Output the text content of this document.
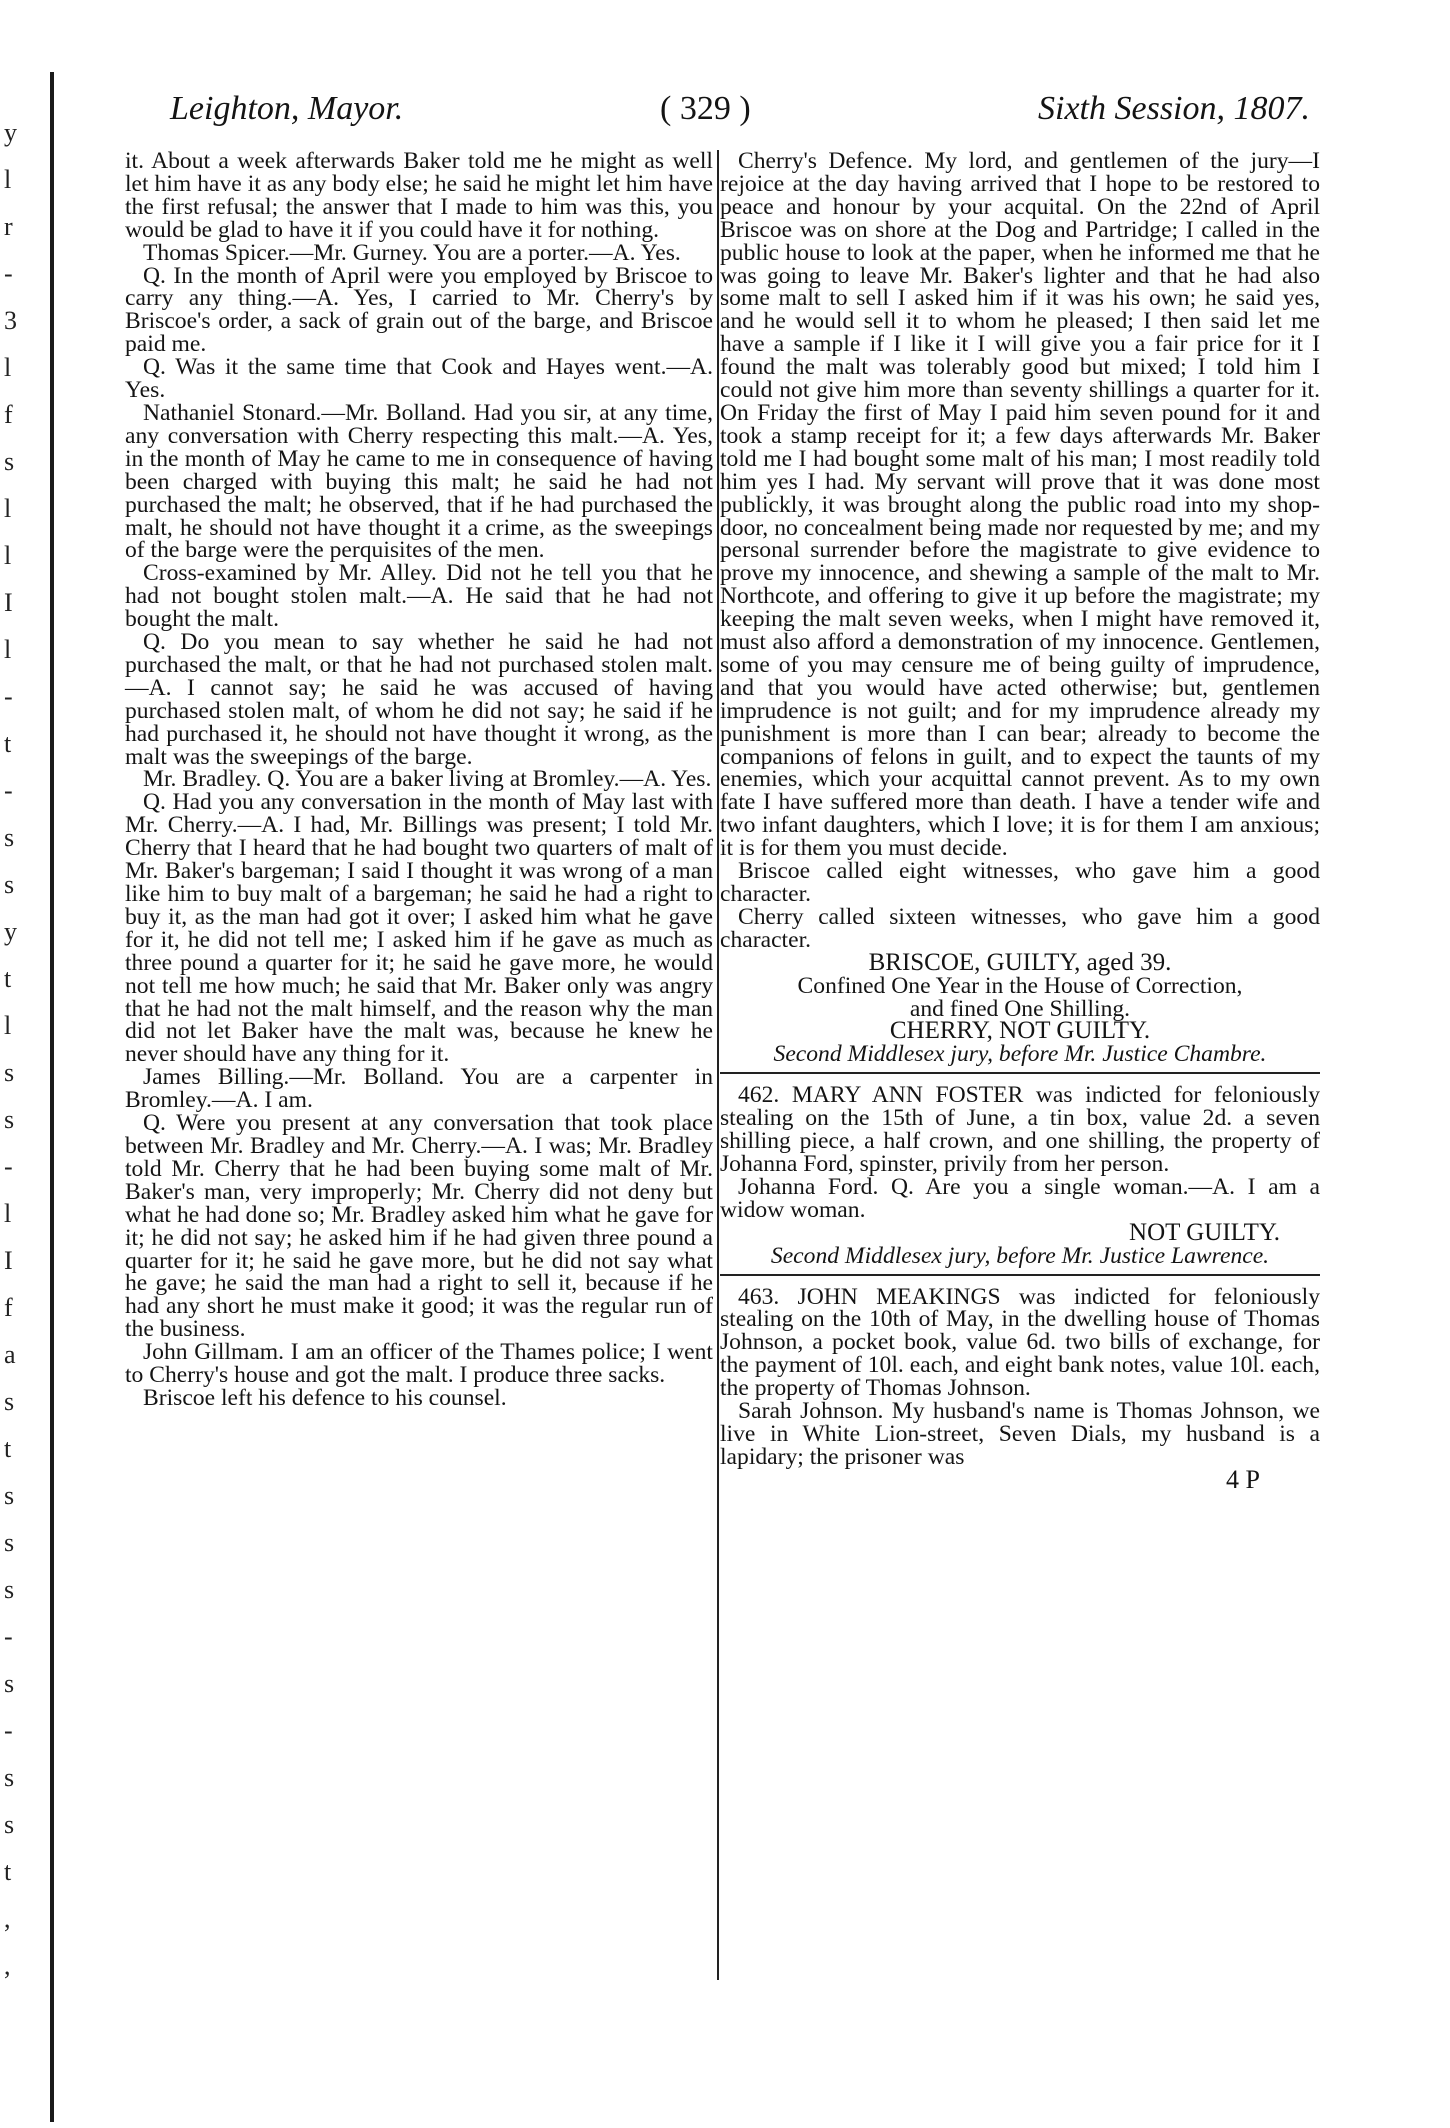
y
l
r
-
3
l
f
s
l
l
I
l
-
t
-
s
s
y
t
l
s
s
-
l
I
f
a
s
t
s
s
s
-
s
-
s
s
t
,
,
Leighton, Mayor.	( 329 )	Sixth Session, 1807.

it. About a week afterwards Baker told me he might as well let him have it as any body else; he said he might let him have the first refusal; the answer that I made to him was this, you would be glad to have it if you could have it for nothing.

Thomas Spicer.—Mr. Gurney. You are a porter.—A. Yes.

Q. In the month of April were you employed by Briscoe to carry any thing.—A. Yes, I carried to Mr. Cherry's by Briscoe's order, a sack of grain out of the barge, and Briscoe paid me.

Q. Was it the same time that Cook and Hayes went.—A. Yes.

Nathaniel Stonard.—Mr. Bolland. Had you sir, at any time, any conversation with Cherry respecting this malt.—A. Yes, in the month of May he came to me in consequence of having been charged with buying this malt; he said he had not purchased the malt; he observed, that if he had purchased the malt, he should not have thought it a crime, as the sweepings of the barge were the perquisites of the men.

Cross-examined by Mr. Alley. Did not he tell you that he had not bought stolen malt.—A. He said that he had not bought the malt.

Q. Do you mean to say whether he said he had not purchased the malt, or that he had not purchased stolen malt.—A. I cannot say; he said he was accused of having purchased stolen malt, of whom he did not say; he said if he had purchased it, he should not have thought it wrong, as the malt was the sweepings of the barge.

Mr. Bradley. Q. You are a baker living at Bromley.—A. Yes.

Q. Had you any conversation in the month of May last with Mr. Cherry.—A. I had, Mr. Billings was present; I told Mr. Cherry that I heard that he had bought two quarters of malt of Mr. Baker's bargeman; I said I thought it was wrong of a man like him to buy malt of a bargeman; he said he had a right to buy it, as the man had got it over; I asked him what he gave for it, he did not tell me; I asked him if he gave as much as three pound a quarter for it; he said he gave more, he would not tell me how much; he said that Mr. Baker only was angry that he had not the malt himself, and the reason why the man did not let Baker have the malt was, because he knew he never should have any thing for it.

James Billing.—Mr. Bolland. You are a carpenter in Bromley.—A. I am.

Q. Were you present at any conversation that took place between Mr. Bradley and Mr. Cherry.—A. I was; Mr. Bradley told Mr. Cherry that he had been buying some malt of Mr. Baker's man, very improperly; Mr. Cherry did not deny but what he had done so; Mr. Bradley asked him what he gave for it; he did not say; he asked him if he had given three pound a quarter for it; he said he gave more, but he did not say what he gave; he said the man had a right to sell it, because if he had any short he must make it good; it was the regular run of the business.

John Gillmam. I am an officer of the Thames police; I went to Cherry's house and got the malt. I produce three sacks.

Briscoe left his defence to his counsel.

Cherry's Defence. My lord, and gentlemen of the jury—I rejoice at the day having arrived that I hope to be restored to peace and honour by your acquital. On the 22nd of April Briscoe was on shore at the Dog and Partridge; I called in the public house to look at the paper, when he informed me that he was going to leave Mr. Baker's lighter and that he had also some malt to sell I asked him if it was his own; he said yes, and he would sell it to whom he pleased; I then said let me have a sample if I like it I will give you a fair price for it I found the malt was tolerably good but mixed; I told him I could not give him more than seventy shillings a quarter for it. On Friday the first of May I paid him seven pound for it and took a stamp receipt for it; a few days afterwards Mr. Baker told me I had bought some malt of his man; I most readily told him yes I had. My servant will prove that it was done most publickly, it was brought along the public road into my shop-door, no concealment being made nor requested by me; and my personal surrender before the magistrate to give evidence to prove my innocence, and shewing a sample of the malt to Mr. Northcote, and offering to give it up before the magistrate; my keeping the malt seven weeks, when I might have removed it, must also afford a demonstration of my innocence. Gentlemen, some of you may censure me of being guilty of imprudence, and that you would have acted otherwise; but, gentlemen imprudence is not guilt; and for my imprudence already my punishment is more than I can bear; already to become the companions of felons in guilt, and to expect the taunts of my enemies, which your acquittal cannot prevent. As to my own fate I have suffered more than death. I have a tender wife and two infant daughters, which I love; it is for them I am anxious; it is for them you must decide.

Briscoe called eight witnesses, who gave him a good character.

Cherry called sixteen witnesses, who gave him a good character.

BRISCOE, GUILTY, aged 39.

Confined One Year in the House of Correction,

and fined One Shilling.

CHERRY, NOT GUILTY.

Second Middlesex jury, before Mr. Justice Chambre.

462. MARY ANN FOSTER was indicted for feloniously stealing on the 15th of June, a tin box, value 2d. a seven shilling piece, a half crown, and one shilling, the property of Johanna Ford, spinster, privily from her person.

Johanna Ford. Q. Are you a single woman.—A. I am a widow woman.

NOT GUILTY.

Second Middlesex jury, before Mr. Justice Lawrence.

463. JOHN MEAKINGS was indicted for feloniously stealing on the 10th of May, in the dwelling house of Thomas Johnson, a pocket book, value 6d. two bills of exchange, for the payment of 10l. each, and eight bank notes, value 10l. each, the property of Thomas Johnson.

Sarah Johnson. My husband's name is Thomas Johnson, we live in White Lion-street, Seven Dials, my husband is a lapidary; the prisoner was

4 P
